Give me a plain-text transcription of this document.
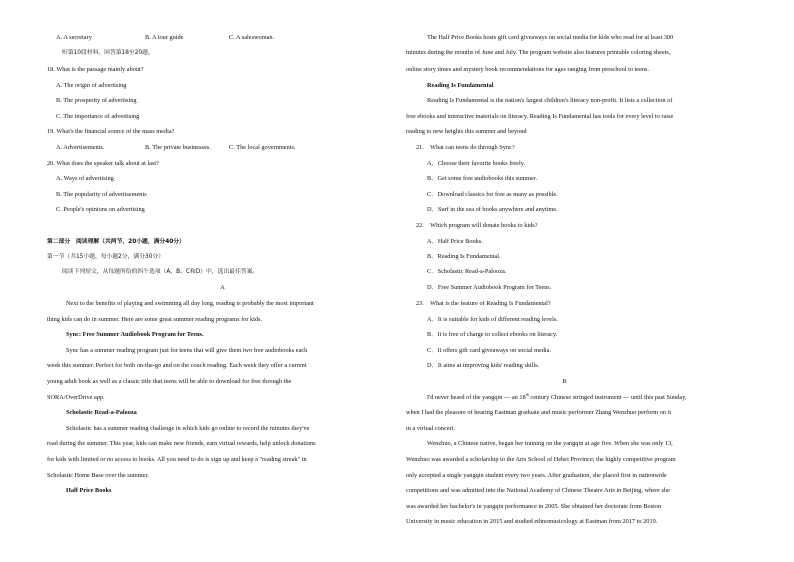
A. A secretary	B. A tour guide	C. A saleswoman.
听第10段材料，回答第18至20题。
18. What is the passage mainly about?
A. The origin of advertising
B. The prosperity of advertising
C. The importance of advertising
19. What's the financial source of the mass media?
A. Advertisements.	B. The private businesses.	C. The local governments.
20. What does the speaker talk about at last?
A. Ways of advertising
B. The popularity of advertisements
C. People's opinions on advertising
第二部分　阅读理解（共两节，20小题，满分40分）
第一节（共15小题，每小题2分，满分30分）
阅读下列短文，从每题所给的四个选项（A、B、C和D）中，选出最佳答案。
A
Next to the benefits of playing and swimming all day long, reading is probably the most important
thing kids can do in summer. Here are some great summer reading programs for kids.
Sync: Free Summer Audiobook Program for Teens.
Sync has a summer reading program just for teens that will give them two free audiobooks each
week this summer. Perfect for both on-the-go and on the couch reading. Each week they offer a current
young adult book as well as a classic title that teens will be able to download for free through the
SORA/OverDrive app.
Scholastic Read-a-Palooza
Scholastic has a summer reading challenge in which kids go online to record the minutes they've
read during the summer. This year, kids can make new friends, earn virtual rewards, help unlock donations
for kids with limited or no access to books. All you need to do is sign up and keep a "reading streak" in
Scholastic Home Base over the summer.
Half Price Books
The Half Price Books hosts gift card giveaways on social media for kids who read for at least 300
minutes during the months of June and July. The program website also features printable coloring sheets,
online story times and mystery book recommendations for ages ranging from preschool to teens.
Reading Is Fundamental
Reading Is Fundamental is the nation's largest children's literacy non-profit. It lists a collection of
free ebooks and interactive materials on literacy. Reading Is Fundamental has tools for every level to raise
reading to new heights this summer and beyond
21.　What can teens do through Sync?
A．Choose their favorite books freely.
B．Get some free audiobooks this summer.
C．Download classics for free as many as possible.
D．Surf in the sea of books anywhere and anytime.
22.　Which program will donate books to kids?
A．Half Price Books.
B．Reading Is Fundamental.
C．Scholastic Read-a-Palooza.
D．Free Summer Audiobook Program for Teens.
23.　What is the feature of Reading Is Fundamental?
A．It is suitable for kids of different reading levels.
B．It is free of charge to collect ebooks on literacy.
C．It offers gift card giveaways on social media.
D．It aims at improving kids' reading skills.
B
I'd never heard of the yangqin — an 18th century Chinese stringed instrument — until this past Sunday,
when I had the pleasure of hearing Eastman graduate and music performer Zhang Wenzhuo perform on it
in a virtual concert.
Wenzhuo, a Chinese native, began her training on the yangqin at age five. When she was only 13,
Wenzhuo was awarded a scholarship to the Arts School of Hebei Province; the highly competitive program
only accepted a single yangqin student every two years. After graduation, she placed first in nationwide
competitions and was admitted into the National Academy of Chinese Theatre Arts in Beijing, where she
was awarded her bachelor's in yangqin performance in 2005. She obtained her doctorate from Boston
University in music education in 2015 and studied ethnomusicology at Eastman from 2017 to 2019.
